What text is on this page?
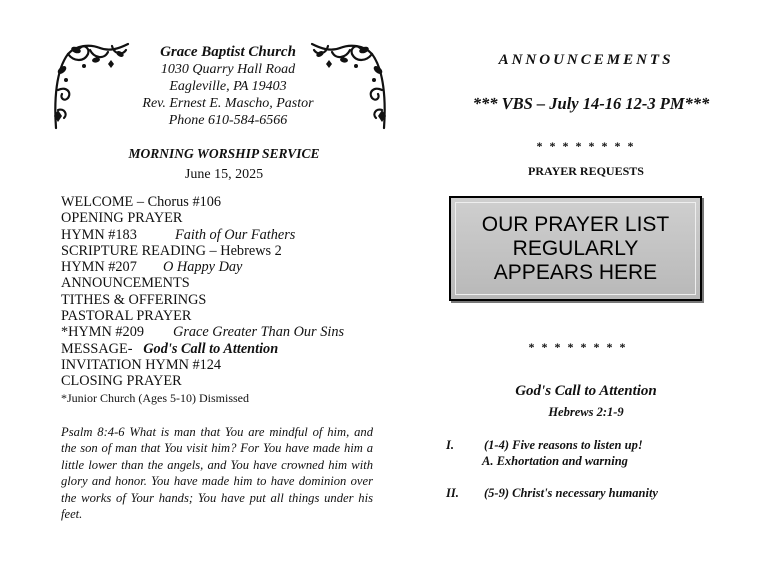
Grace Baptist Church
1030 Quarry Hall Road
Eagleville, PA 19403
Rev. Ernest E. Mascho, Pastor
Phone 610-584-6566
MORNING WORSHIP SERVICE
June 15, 2025
WELCOME – Chorus #106
OPENING PRAYER
HYMN #183	Faith of Our Fathers
SCRIPTURE READING – Hebrews 2
HYMN #207 O Happy Day
ANNOUNCEMENTS
TITHES & OFFERINGS
PASTORAL PRAYER
*HYMN #209 Grace Greater Than Our Sins
MESSAGE- God's Call to Attention
INVITATION HYMN #124
CLOSING PRAYER
*Junior Church (Ages 5-10) Dismissed
Psalm 8:4-6 What is man that You are mindful of him, and the son of man that You visit him? For You have made him a little lower than the angels, and You have crowned him with glory and honor. You have made him to have dominion over the works of Your hands; You have put all things under his feet.
ANNOUNCEMENTS
*** VBS – July 14-16 12-3 PM***
* * * * * * * *
PRAYER REQUESTS
OUR PRAYER LIST
REGULARLY
APPEARS HERE
* * * * * * * *
God's Call to Attention
Hebrews 2:1-9
I. (1-4) Five reasons to listen up!
A. Exhortation and warning
II. (5-9) Christ's necessary humanity
